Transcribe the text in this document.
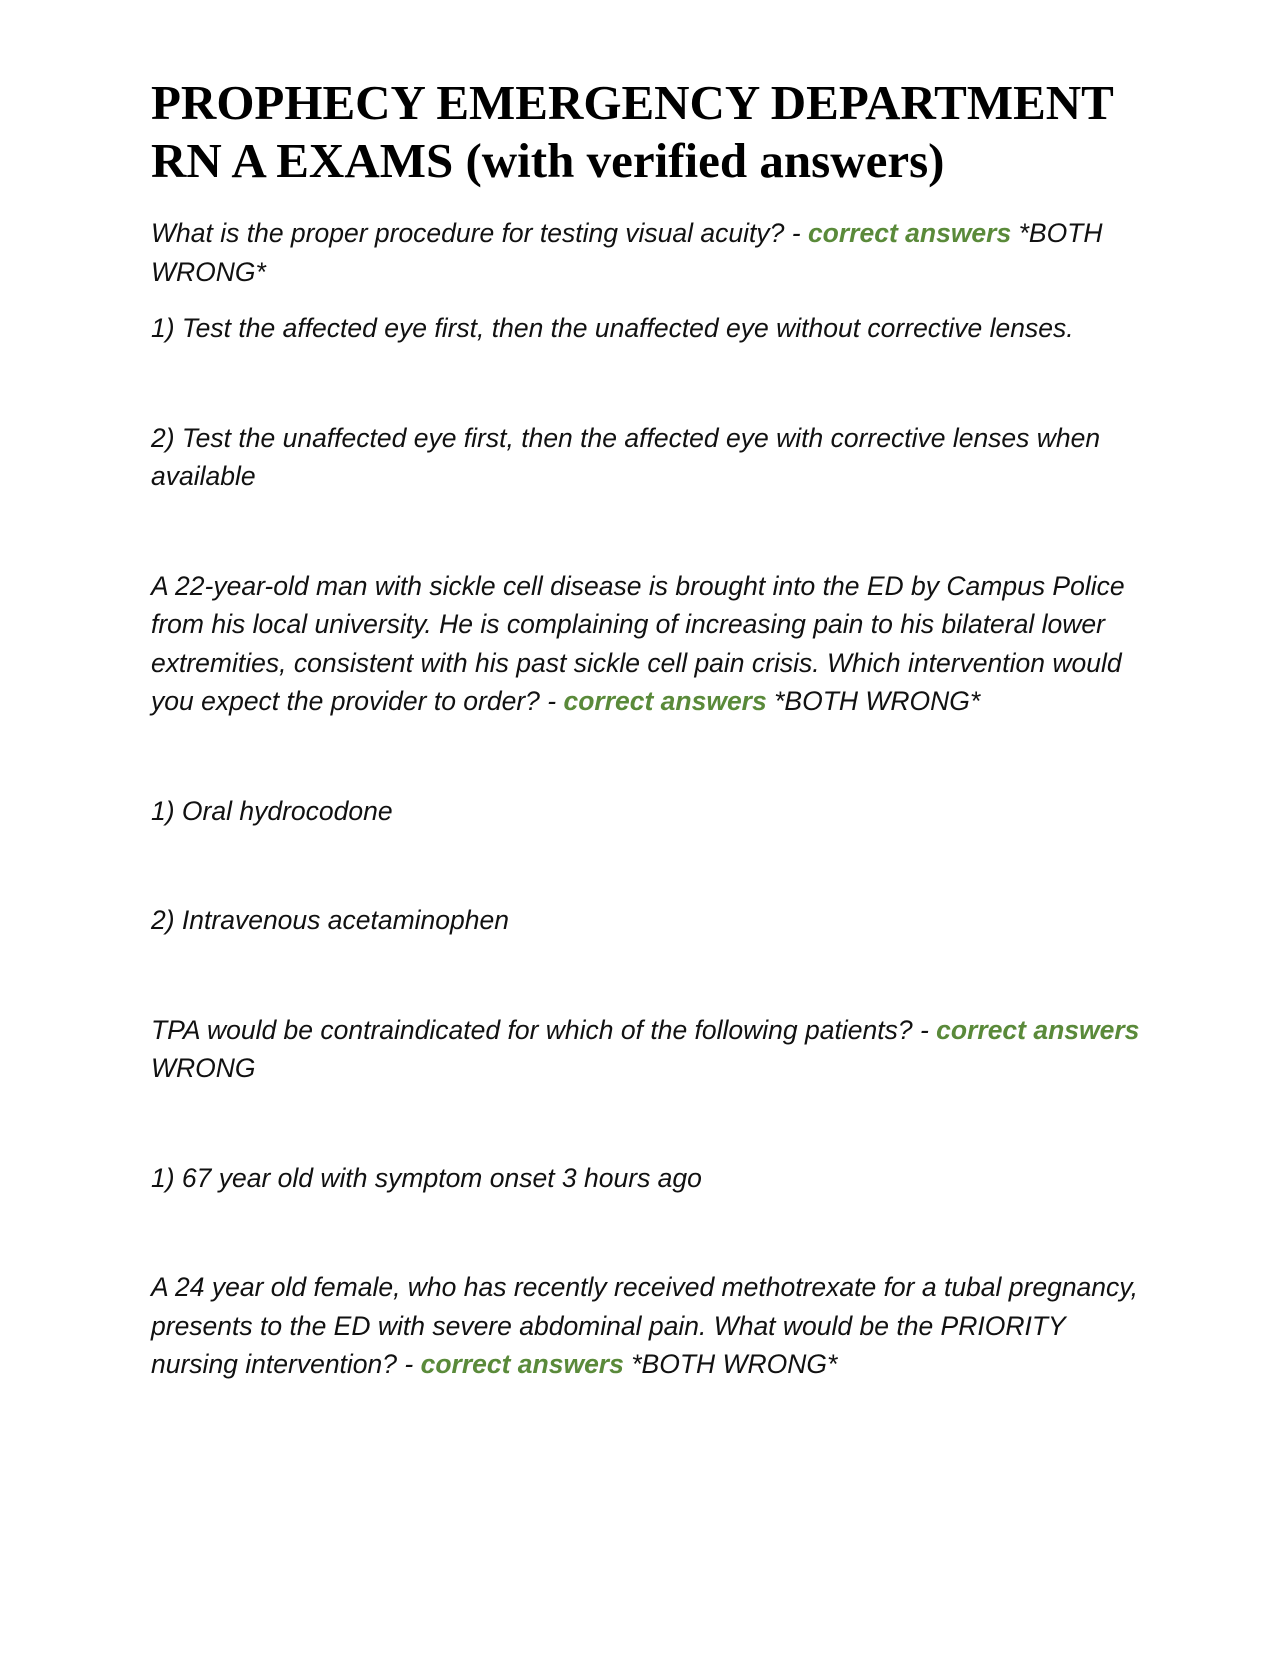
PROPHECY EMERGENCY DEPARTMENT RN A EXAMS (with verified answers)

What is the proper procedure for testing visual acuity? - correct answers *BOTH WRONG*

1) Test the affected eye first, then the unaffected eye without corrective lenses.

2) Test the unaffected eye first, then the affected eye with corrective lenses when available

A 22-year-old man with sickle cell disease is brought into the ED by Campus Police from his local university. He is complaining of increasing pain to his bilateral lower extremities, consistent with his past sickle cell pain crisis. Which intervention would you expect the provider to order? - correct answers *BOTH WRONG*

1) Oral hydrocodone

2) Intravenous acetaminophen

TPA would be contraindicated for which of the following patients? - correct answers WRONG

1) 67 year old with symptom onset 3 hours ago

A 24 year old female, who has recently received methotrexate for a tubal pregnancy, presents to the ED with severe abdominal pain. What would be the PRIORITY nursing intervention? - correct answers *BOTH WRONG*
